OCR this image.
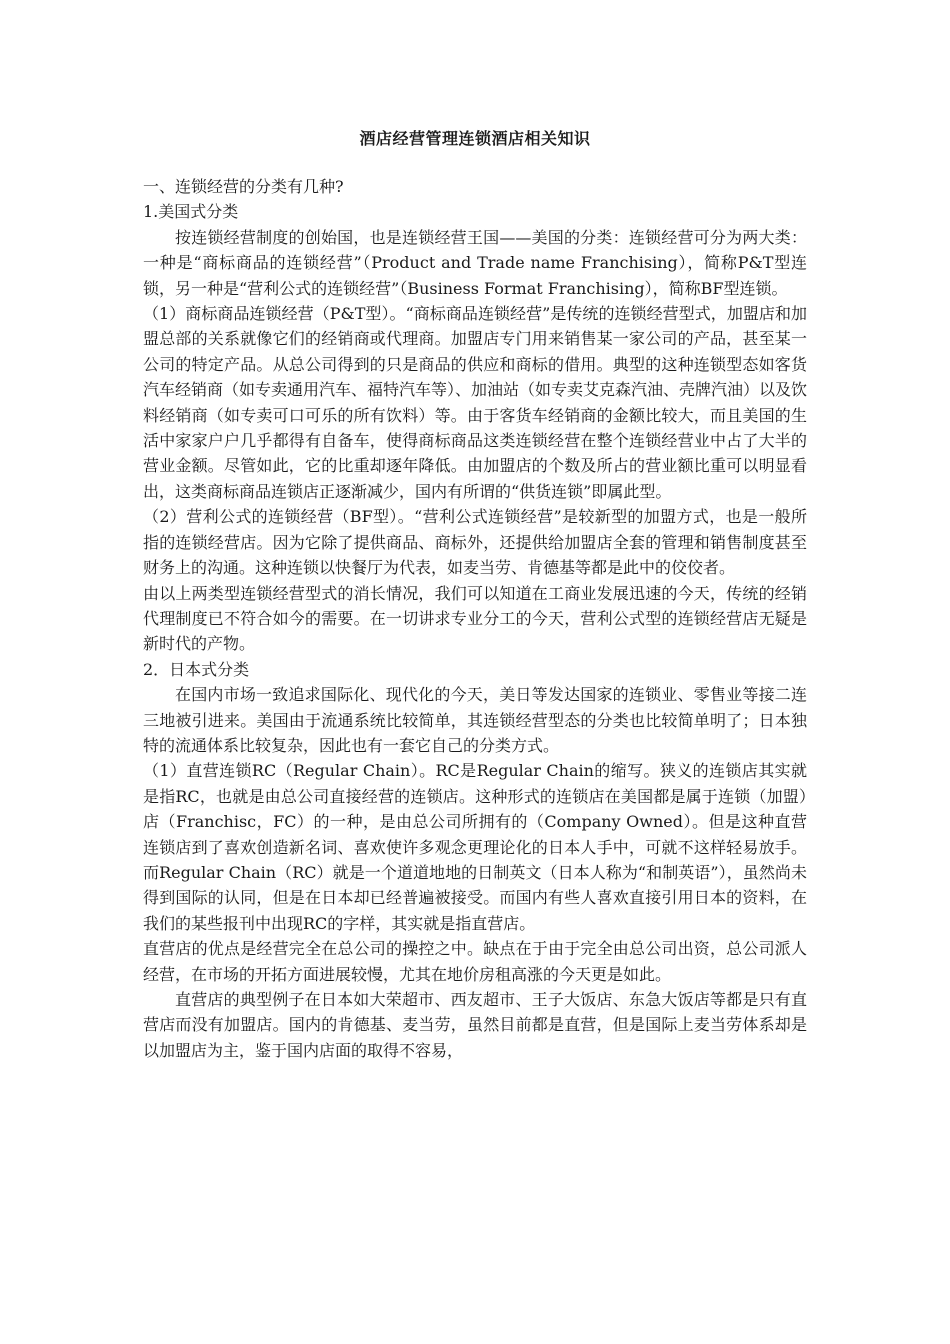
酒店经营管理连锁酒店相关知识

一、连锁经营的分类有几种?

1.美国式分类

按连锁经营制度的创始国，也是连锁经营王国——美国的分类：连锁经营可分为两大类：一种是“商标商品的连锁经营”（Product and Trade name Franchising），简称P&T型连锁，另一种是“营利公式的连锁经营”（Business Format Franchising），简称BF型连锁。

（1）商标商品连锁经营（P&T型）。“商标商品连锁经营”是传统的连锁经营型式，加盟店和加盟总部的关系就像它们的经销商或代理商。加盟店专门用来销售某一家公司的产品，甚至某一公司的特定产品。从总公司得到的只是商品的供应和商标的借用。典型的这种连锁型态如客货汽车经销商（如专卖通用汽车、福特汽车等）、加油站（如专卖艾克森汽油、壳牌汽油）以及饮料经销商（如专卖可口可乐的所有饮料）等。由于客货车经销商的金额比较大，而且美国的生活中家家户户几乎都得有自备车，使得商标商品这类连锁经营在整个连锁经营业中占了大半的营业金额。尽管如此，它的比重却逐年降低。由加盟店的个数及所占的营业额比重可以明显看出，这类商标商品连锁店正逐渐减少，国内有所谓的“供货连锁”即属此型。

（2）营利公式的连锁经营（BF型）。“营利公式连锁经营”是较新型的加盟方式，也是一般所指的连锁经营店。因为它除了提供商品、商标外，还提供给加盟店全套的管理和销售制度甚至财务上的沟通。这种连锁以快餐厅为代表，如麦当劳、肯德基等都是此中的佼佼者。

由以上两类型连锁经营型式的消长情况，我们可以知道在工商业发展迅速的今天，传统的经销代理制度已不符合如今的需要。在一切讲求专业分工的今天，营利公式型的连锁经营店无疑是新时代的产物。

2．日本式分类

在国内市场一致追求国际化、现代化的今天，美日等发达国家的连锁业、零售业等接二连三地被引进来。美国由于流通系统比较简单，其连锁经营型态的分类也比较简单明了；日本独特的流通体系比较复杂，因此也有一套它自己的分类方式。

（1）直营连锁RC（Regular Chain）。RC是Regular Chain的缩写。狭义的连锁店其实就是指RC，也就是由总公司直接经营的连锁店。这种形式的连锁店在美国都是属于连锁（加盟）店（Franchisc，FC）的一种，是由总公司所拥有的（Company Owned）。但是这种直营连锁店到了喜欢创造新名词、喜欢使许多观念更理论化的日本人手中，可就不这样轻易放手。而Regular Chain（RC）就是一个道道地地的日制英文（日本人称为“和制英语”），虽然尚未得到国际的认同，但是在日本却已经普遍被接受。而国内有些人喜欢直接引用日本的资料，在我们的某些报刊中出现RC的字样，其实就是指直营店。

直营店的优点是经营完全在总公司的操控之中。缺点在于由于完全由总公司出资，总公司派人经营，在市场的开拓方面进展较慢，尤其在地价房租高涨的今天更是如此。

直营店的典型例子在日本如大荣超市、西友超市、王子大饭店、东急大饭店等都是只有直营店而没有加盟店。国内的肯德基、麦当劳，虽然目前都是直营，但是国际上麦当劳体系却是以加盟店为主，鉴于国内店面的取得不容易，
